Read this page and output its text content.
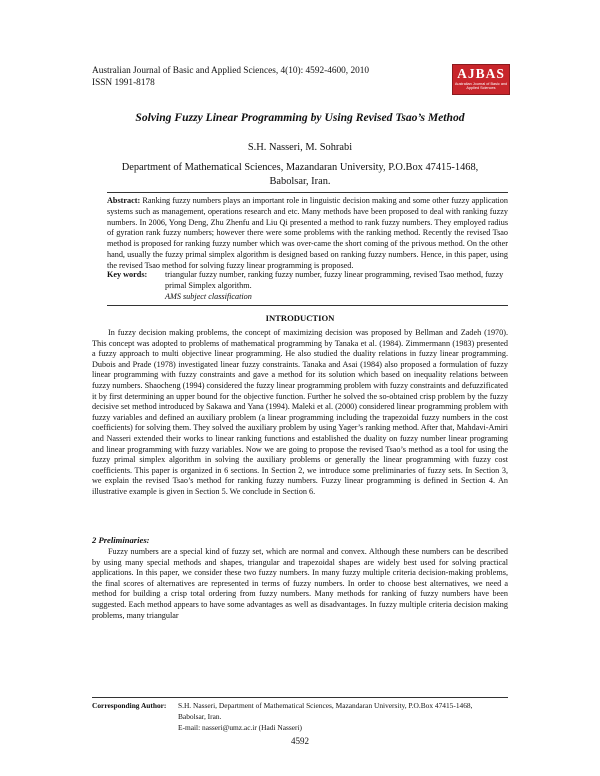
Australian Journal of Basic and Applied Sciences, 4(10): 4592-4600, 2010
ISSN 1991-8178
AJBAS
Australian Journal of Basic and Applied Sciences
Solving Fuzzy Linear Programming by Using Revised Tsao’s Method
S.H. Nasseri, M. Sohrabi
Department of Mathematical Sciences, Mazandaran University, P.O.Box 47415-1468,
Babolsar, Iran.

Abstract: Ranking fuzzy numbers plays an important role in linguistic decision making and some other fuzzy application systems such as management, operations research and etc. Many methods have been proposed to deal with ranking fuzzy numbers. In 2006, Yong Deng, Zhu Zhenfu and Liu Qi presented a method to rank fuzzy numbers. They employed radius of gyration rank fuzzy numbers; however there were some problems with the ranking method. Recently the revised Tsao method is proposed for ranking fuzzy number which was over-came the short coming of the privous method. On the other hand, usually the fuzzy primal simplex algorithm is designed based on ranking fuzzy numbers. Hence, in this paper, using the revised Tsao method for solving fuzzy linear programming is proposed.

Key words: triangular fuzzy number, ranking fuzzy number, fuzzy linear programming, revised Tsao method, fuzzy primal Simplex algorithm.
AMS subject classification
INTRODUCTION

In fuzzy decision making problems, the concept of maximizing decision was proposed by Bellman and Zadeh (1970). This concept was adopted to problems of mathematical programming by Tanaka et al. (1984). Zimmermann (1983) presented a fuzzy approach to multi objective linear programming. He also studied the duality relations in fuzzy linear programming. Dubois and Prade (1978) investigated linear fuzzy constraints. Tanaka and Asai (1984) also proposed a formulation of fuzzy linear programming with fuzzy constraints and gave a method for its solution which based on inequality relations between fuzzy numbers. Shaocheng (1994) considered the fuzzy linear programming problem with fuzzy constraints and defuzzificated it by first determining an upper bound for the objective function. Further he solved the so-obtained crisp problem by the fuzzy decisive set method introduced by Sakawa and Yana (1994). Maleki et al. (2000) considered linear programming problem with fuzzy variables and defined an auxiliary problem (a linear programming including the trapezoidal fuzzy numbers in the cost coefficients) for solving them. They solved the auxiliary problem by using Yager’s ranking method. After that, Mahdavi-Amiri and Nasseri extended their works to linear ranking functions and established the duality on fuzzy number linear programing and linear programming with fuzzy variables. Now we are going to propose the revised Tsao’s method as a tool for using the fuzzy primal simplex algorithm in solving the auxiliary problems or generally the linear programming with fuzzy cost coefficients. This paper is organized in 6 sections. In Section 2, we introduce some preliminaries of fuzzy sets. In Section 3, we explain the revised Tsao’s method for ranking fuzzy numbers. Fuzzy linear programming is defined in Section 4. An illustrative example is given in Section 5. We conclude in Section 6.

2 Preliminaries:

Fuzzy numbers are a special kind of fuzzy set, which are normal and convex. Although these numbers can be described by using many special methods and shapes, triangular and trapezoidal shapes are widely best used for solving practical applications. In this paper, we consider these two fuzzy numbers. In many fuzzy multiple criteria decision-making problems, the final scores of alternatives are represented in terms of fuzzy numbers. In order to choose best alternatives, we need a method for building a crisp total ordering from fuzzy numbers. Many methods for ranking of fuzzy numbers have been suggested. Each method appears to have some advantages as well as disadvantages. In fuzzy multiple criteria decision making problems, many triangular

Corresponding Author: S.H. Nasseri, Department of Mathematical Sciences, Mazandaran University, P.O.Box 47415-1468,
Babolsar, Iran.
E-mail: nasseri@umz.ac.ir (Hadi Nasseri)
4592
